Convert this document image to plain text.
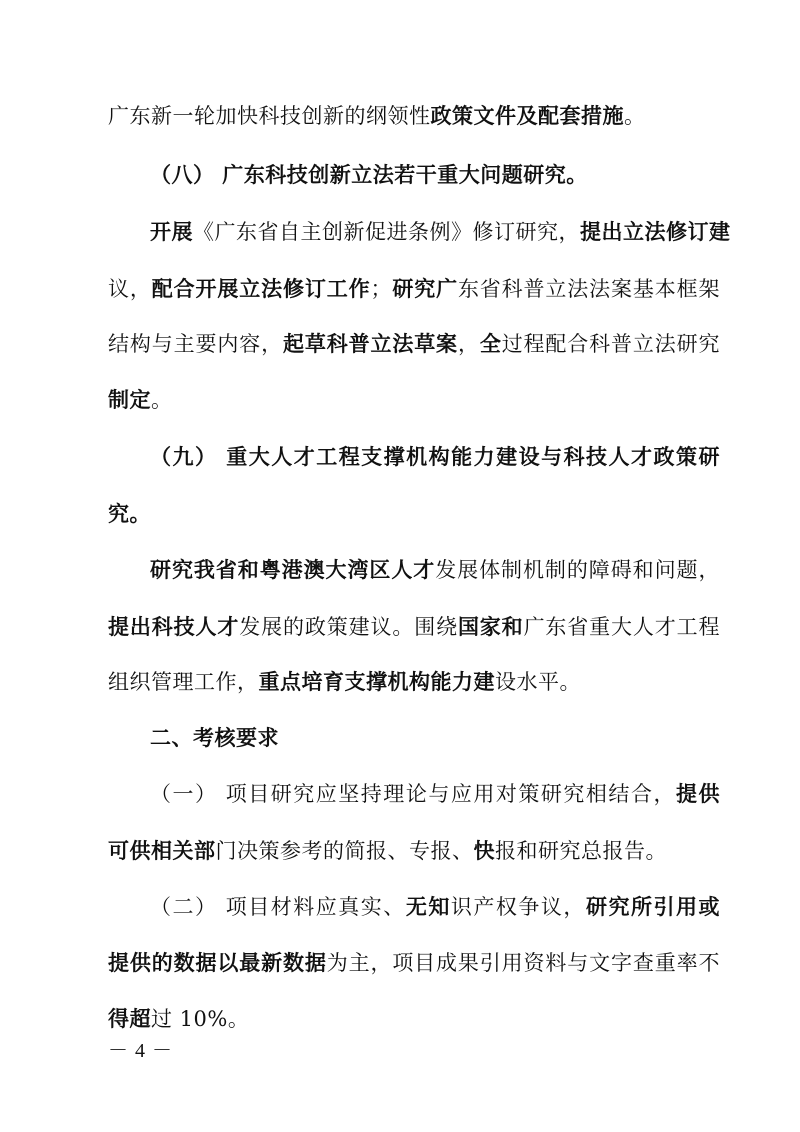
广东新一轮加快科技创新的纲领性政策文件及配套措施。
（八） 广东科技创新立法若干重大问题研究。
开展《广东省自主创新促进条例》修订研究，提出立法修订建
议，配合开展立法修订工作；研究广东省科普立法法案基本框架
结构与主要内容，起草科普立法草案，全过程配合科普立法研究
制定。
（九） 重大人才工程支撑机构能力建设与科技人才政策研
究。
研究我省和粤港澳大湾区人才发展体制机制的障碍和问题，
提出科技人才发展的政策建议。围绕国家和广东省重大人才工程
组织管理工作，重点培育支撑机构能力建设水平。
二、考核要求
（一） 项目研究应坚持理论与应用对策研究相结合，提供
可供相关部门决策参考的简报、专报、快报和研究总报告。
（二） 项目材料应真实、无知识产权争议，研究所引用或
提供的数据以最新数据为主，项目成果引用资料与文字查重率不
得超过 10%。
－ 4 －
